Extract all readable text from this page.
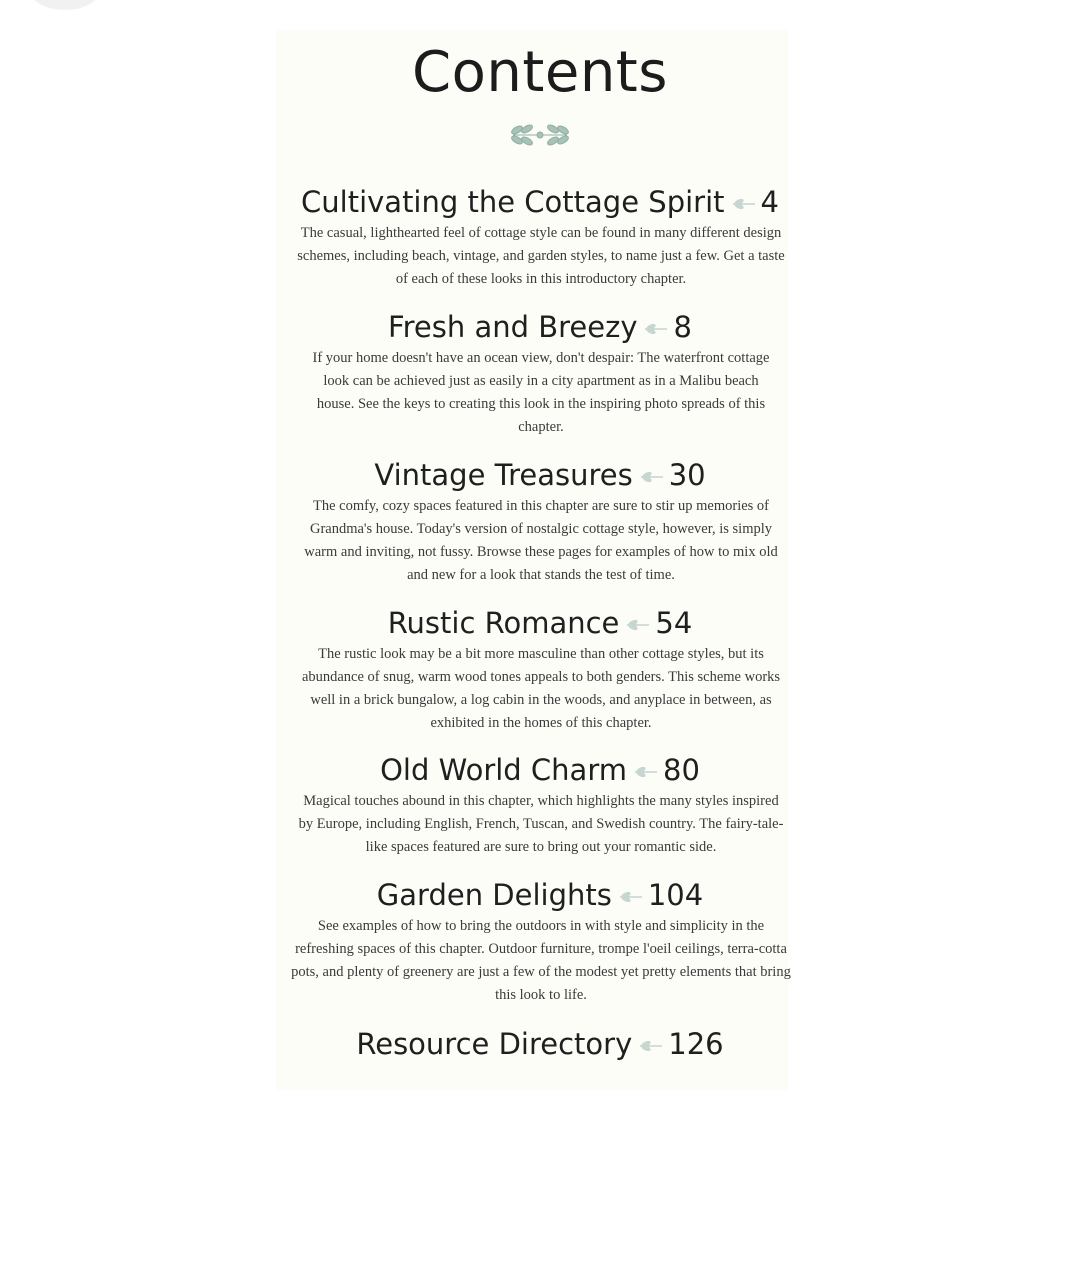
Contents
Cultivating the Cottage Spirit 4
The casual, lighthearted feel of cottage style can be found in many different design schemes, including beach, vintage, and garden styles, to name just a few. Get a taste of each of these looks in this introductory chapter.
Fresh and Breezy 8
If your home doesn't have an ocean view, don't despair: The waterfront cottage look can be achieved just as easily in a city apartment as in a Malibu beach house. See the keys to creating this look in the inspiring photo spreads of this chapter.
Vintage Treasures 30
The comfy, cozy spaces featured in this chapter are sure to stir up memories of Grandma's house. Today's version of nostalgic cottage style, however, is simply warm and inviting, not fussy. Browse these pages for examples of how to mix old and new for a look that stands the test of time.
Rustic Romance 54
The rustic look may be a bit more masculine than other cottage styles, but its abundance of snug, warm wood tones appeals to both genders. This scheme works well in a brick bungalow, a log cabin in the woods, and anyplace in between, as exhibited in the homes of this chapter.
Old World Charm 80
Magical touches abound in this chapter, which highlights the many styles inspired by Europe, including English, French, Tuscan, and Swedish country. The fairy-tale-like spaces featured are sure to bring out your romantic side.
Garden Delights 104
See examples of how to bring the outdoors in with style and simplicity in the refreshing spaces of this chapter. Outdoor furniture, trompe l'oeil ceilings, terra-cotta pots, and plenty of greenery are just a few of the modest yet pretty elements that bring this look to life.
Resource Directory 126
